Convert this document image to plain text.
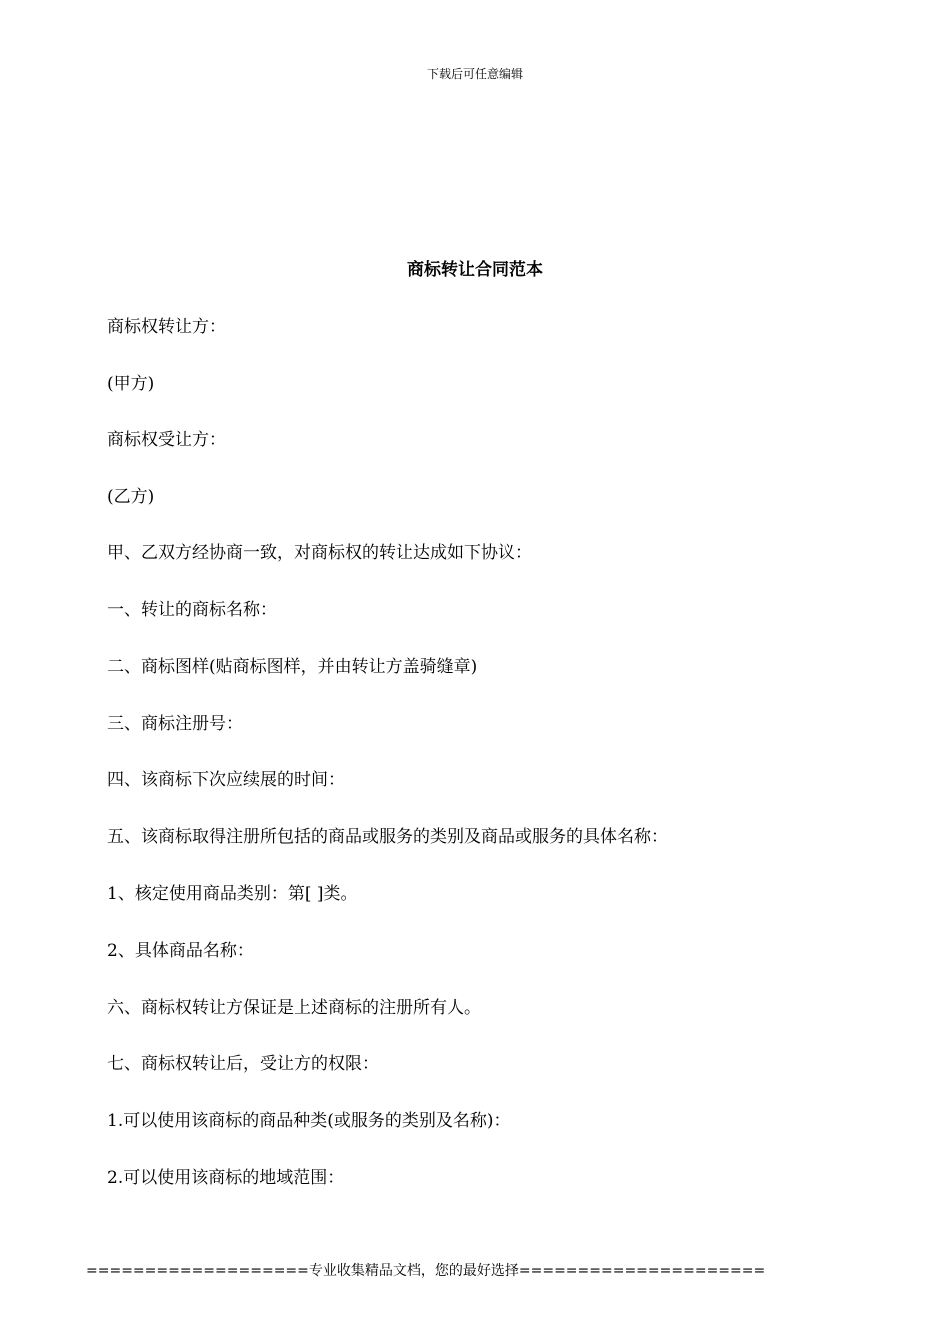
下载后可任意编辑
商标转让合同范本
商标权转让方：
(甲方)
商标权受让方：
(乙方)
甲、乙双方经协商一致，对商标权的转让达成如下协议：
一、转让的商标名称：
二、商标图样(贴商标图样，并由转让方盖骑缝章)
三、商标注册号：
四、该商标下次应续展的时间：
五、该商标取得注册所包括的商品或服务的类别及商品或服务的具体名称：
1、核定使用商品类别：第[ ]类。
2、具体商品名称：
六、商标权转让方保证是上述商标的注册所有人。
七、商标权转让后，受让方的权限：
1.可以使用该商标的商品种类(或服务的类别及名称)：
2.可以使用该商标的地域范围：
===================专业收集精品文档，您的最好选择=====================
